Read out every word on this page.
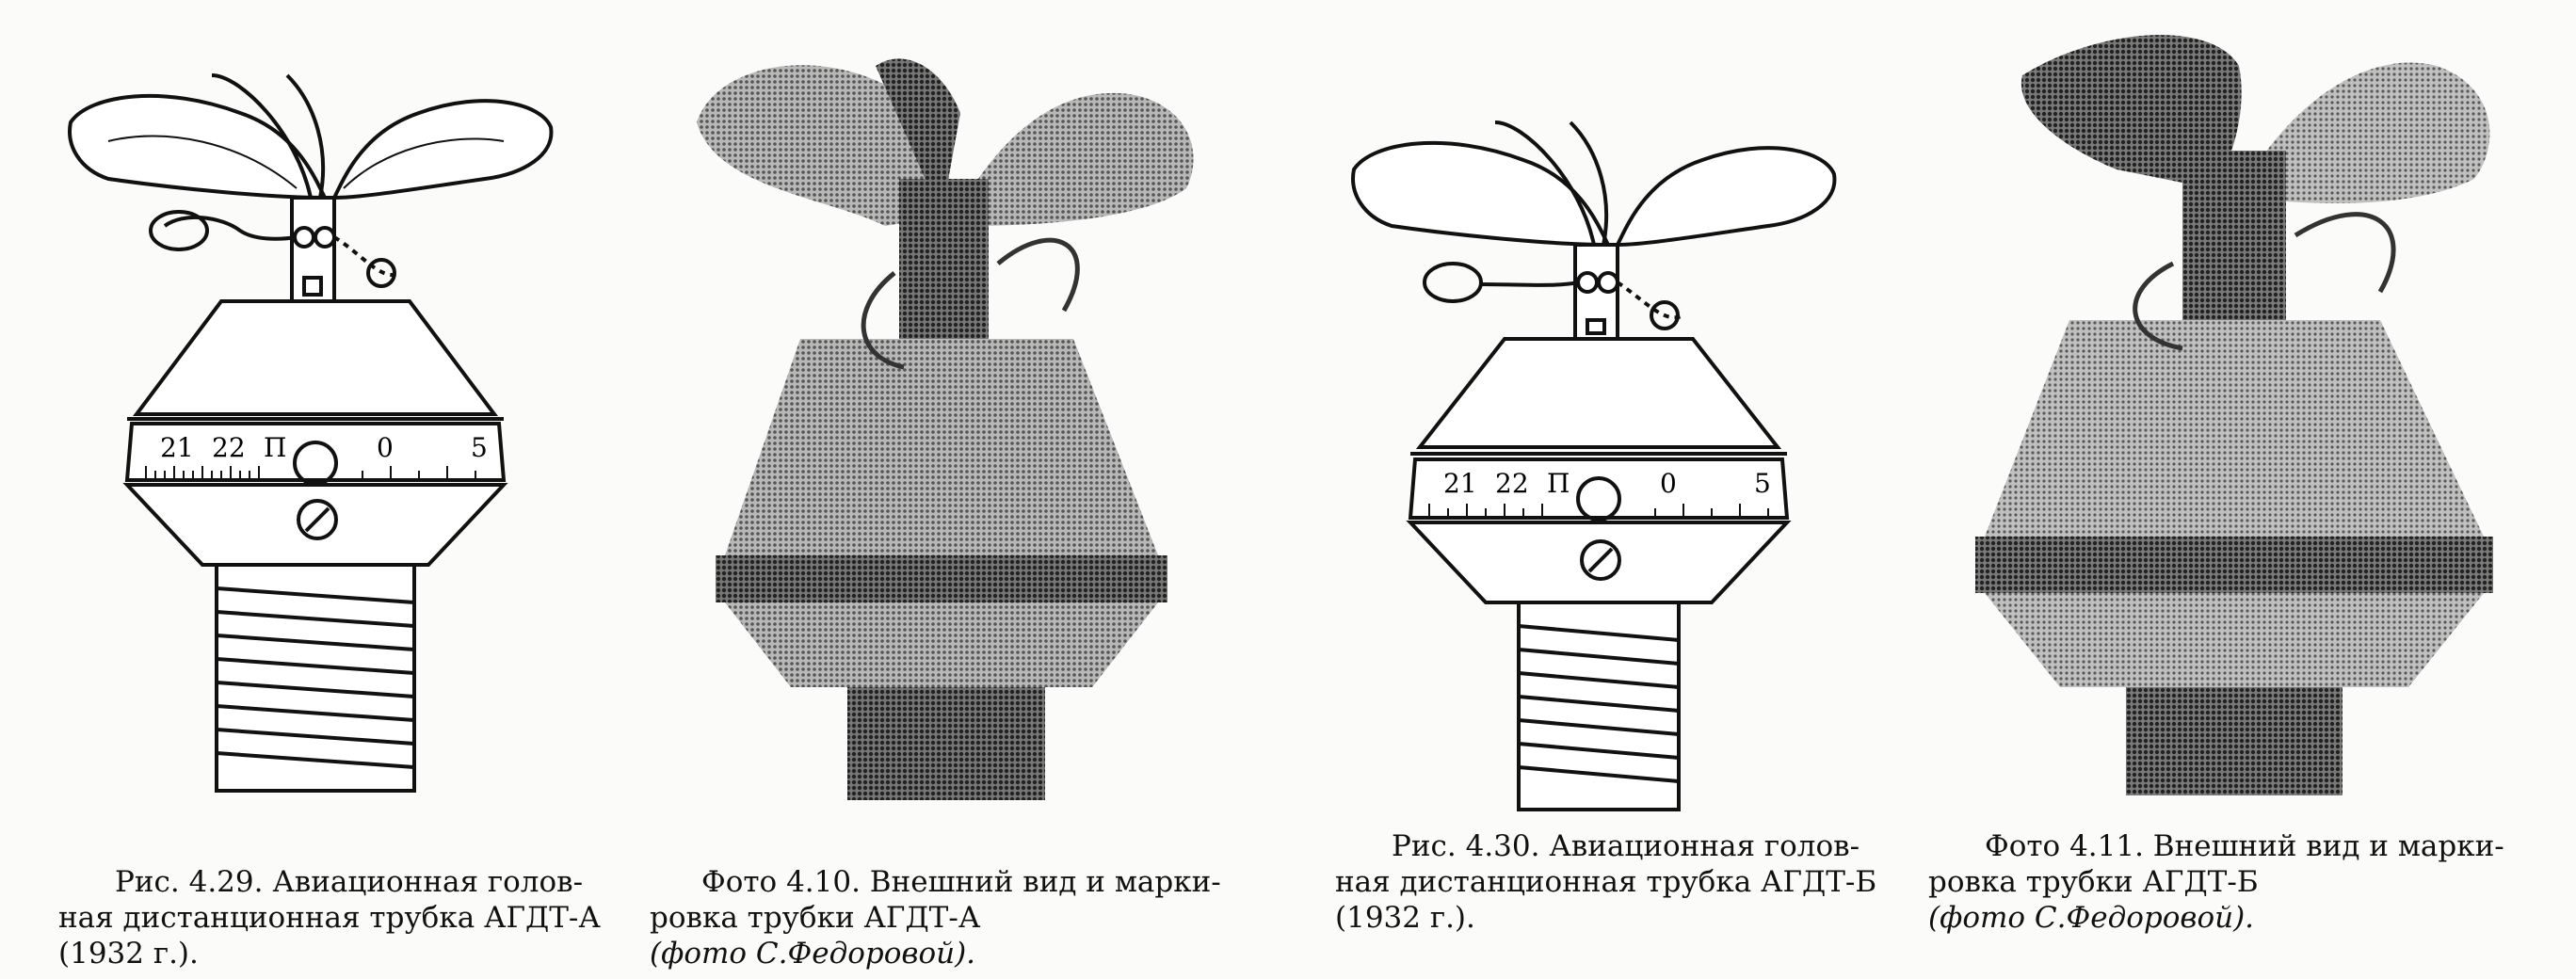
21 22 П	0	5
Рис. 4.29. Авиационная голов-
ная дистанционная трубка АГДТ-А
(1932 г.).
Фото 4.10. Внешний вид и марки-
ровка трубки АГДТ-А
(фото С.Федоровой).
21 22 П	0	5
Рис. 4.30. Авиационная голов-
ная дистанционная трубка АГДТ-Б
(1932 г.).
Фото 4.11. Внешний вид и марки-
ровка трубки АГДТ-Б
(фото С.Федоровой).
